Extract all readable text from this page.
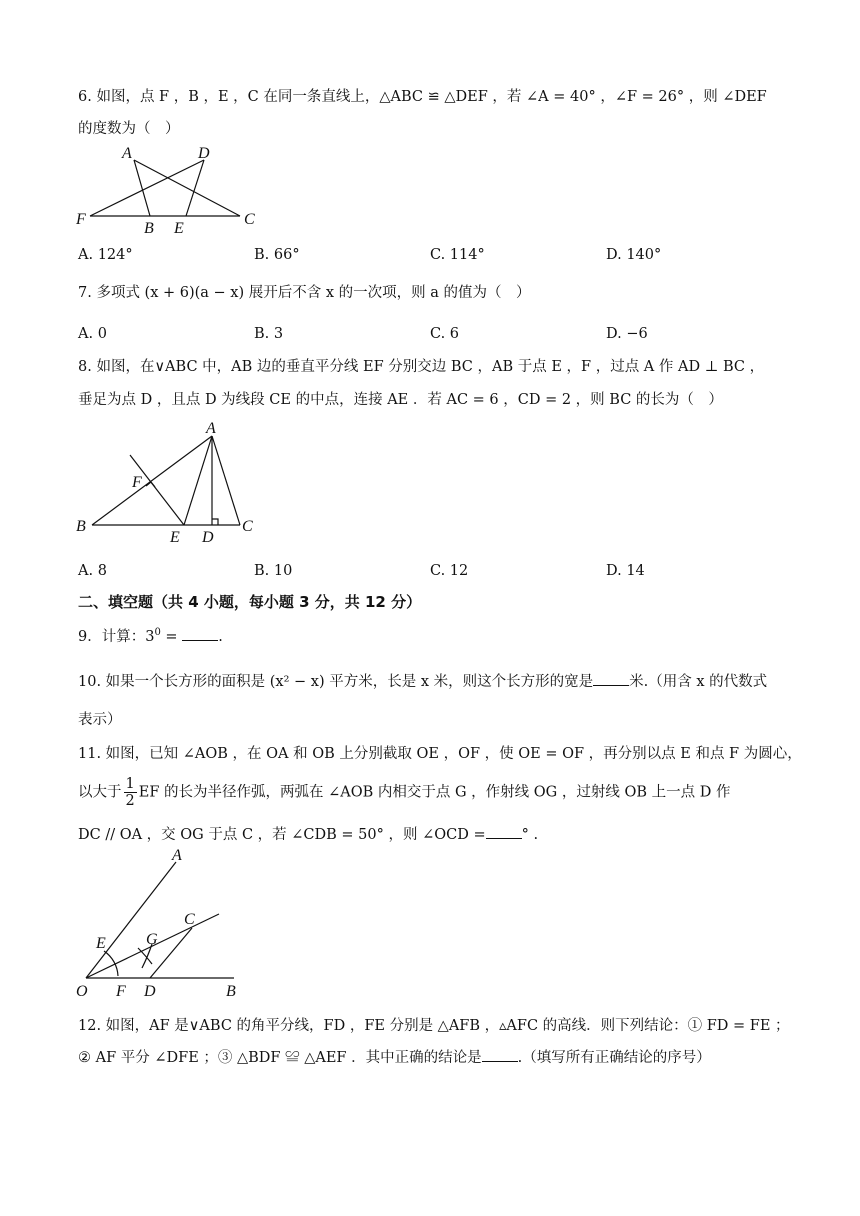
6. 如图，点 F ，B ，E ，C 在同一条直线上，△ABC ≌ △DEF ，若 ∠A = 40° ，∠F = 26° ，则 ∠DEF
的度数为（　）
A	D
F
B E
C
A. 124°	B. 66°	C. 114°	D. 140°
7. 多项式 (x + 6)(a − x) 展开后不含 x 的一次项，则 a 的值为（　）
A. 0	B. 3	C. 6	D. −6
8. 如图，在∨ABC 中，AB 边的垂直平分线 EF 分别交边 BC ，AB 于点 E ，F ，过点 A 作 AD ⊥ BC ，
垂足为点 D ，且点 D 为线段 CE 的中点，连接 AE ．若 AC = 6 ，CD = 2 ，则 BC 的长为（　）
A
F
B
E D
C
A. 8	B. 10	C. 12	D. 14
二、填空题（共 4 小题，每小题 3 分，共 12 分）
9．计算：$3^0$ = .
10. 如果一个长方形的面积是 (x² − x) 平方米，长是 x 米，则这个长方形的宽是 米.（用含 x 的代数式
表示）
11. 如图，已知 ∠AOB ，在 OA 和 OB 上分别截取 OE ，OF ，使 OE = OF ，再分别以点 E 和点 F 为圆心，
以大于 $\frac{1}{2}$ EF 的长为半径作弧，两弧在 ∠AOB 内相交于点 G ，作射线 OG ，过射线 OB 上一点 D 作
DC // OA ，交 OG 于点 C ，若 ∠CDB = 50° ，则 ∠OCD = ° .
A
C
E	G
O F D	B
12. 如图，AF 是∨ABC 的角平分线，FD ，FE 分别是 △AFB ，▵AFC 的高线．则下列结论：① FD = FE ；
② AF 平分 ∠DFE ；③ △BDF ≌ △AEF ．其中正确的结论是 .（填写所有正确结论的序号）
